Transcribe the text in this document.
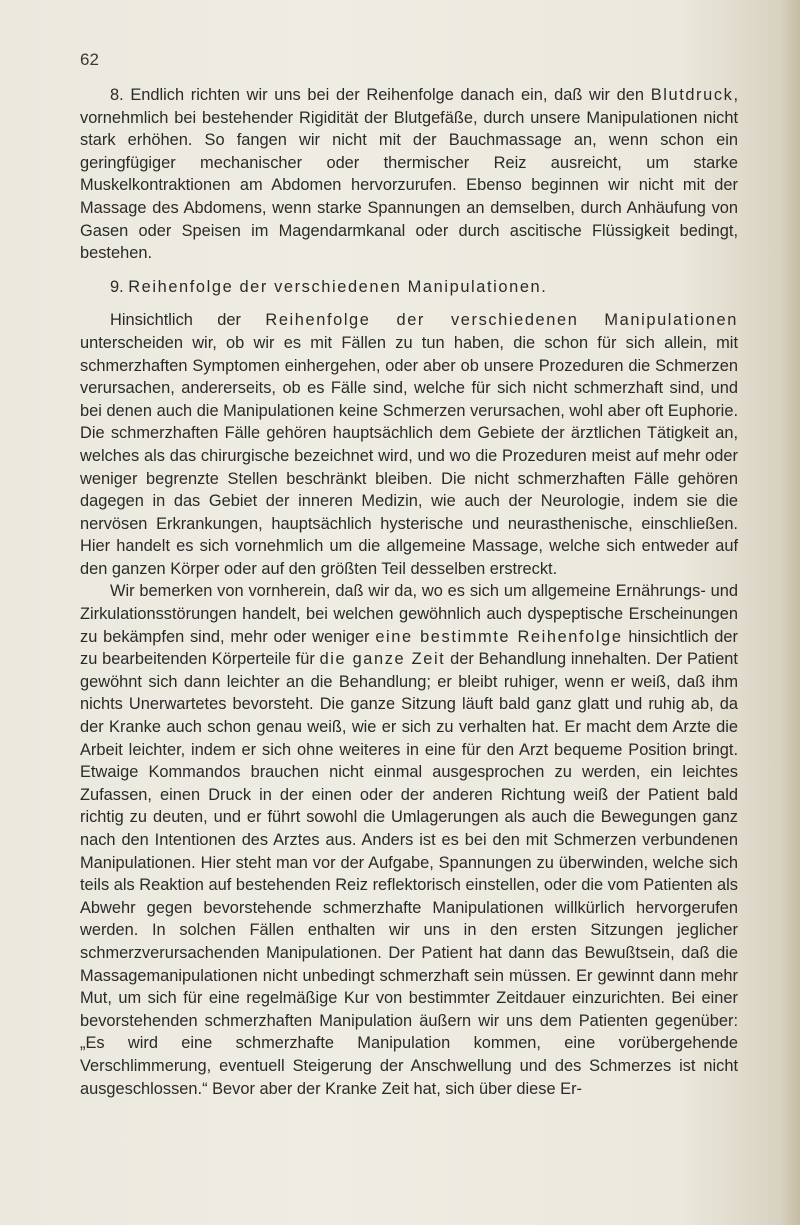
62

8. Endlich richten wir uns bei der Reihenfolge danach ein, daß wir den Blutdruck, vornehmlich bei bestehender Rigidität der Blutgefäße, durch unsere Manipulationen nicht stark erhöhen. So fangen wir nicht mit der Bauchmassage an, wenn schon ein geringfügiger mechanischer oder thermischer Reiz ausreicht, um starke Muskelkontraktionen am Abdomen hervorzurufen. Ebenso beginnen wir nicht mit der Massage des Abdomens, wenn starke Spannungen an demselben, durch Anhäufung von Gasen oder Speisen im Magendarmkanal oder durch ascitische Flüssigkeit bedingt, bestehen.

9. Reihenfolge der verschiedenen Manipulationen.

Hinsichtlich der Reihenfolge der verschiedenen Manipulationen unterscheiden wir, ob wir es mit Fällen zu tun haben, die schon für sich allein, mit schmerzhaften Symptomen einhergehen, oder aber ob unsere Prozeduren die Schmerzen verursachen, andererseits, ob es Fälle sind, welche für sich nicht schmerzhaft sind, und bei denen auch die Manipulationen keine Schmerzen verursachen, wohl aber oft Euphorie. Die schmerzhaften Fälle gehören hauptsächlich dem Gebiete der ärztlichen Tätigkeit an, welches als das chirurgische bezeichnet wird, und wo die Prozeduren meist auf mehr oder weniger begrenzte Stellen beschränkt bleiben. Die nicht schmerzhaften Fälle gehören dagegen in das Gebiet der inneren Medizin, wie auch der Neurologie, indem sie die nervösen Erkrankungen, hauptsächlich hysterische und neurasthenische, einschließen. Hier handelt es sich vornehmlich um die allgemeine Massage, welche sich entweder auf den ganzen Körper oder auf den größten Teil desselben erstreckt.

Wir bemerken von vornherein, daß wir da, wo es sich um allgemeine Ernährungs- und Zirkulationsstörungen handelt, bei welchen gewöhnlich auch dyspeptische Erscheinungen zu bekämpfen sind, mehr oder weniger eine bestimmte Reihenfolge hinsichtlich der zu bearbeitenden Körperteile für die ganze Zeit der Behandlung innehalten. Der Patient gewöhnt sich dann leichter an die Behandlung; er bleibt ruhiger, wenn er weiß, daß ihm nichts Unerwartetes bevorsteht. Die ganze Sitzung läuft bald ganz glatt und ruhig ab, da der Kranke auch schon genau weiß, wie er sich zu verhalten hat. Er macht dem Arzte die Arbeit leichter, indem er sich ohne weiteres in eine für den Arzt bequeme Position bringt. Etwaige Kommandos brauchen nicht einmal ausgesprochen zu werden, ein leichtes Zufassen, einen Druck in der einen oder der anderen Richtung weiß der Patient bald richtig zu deuten, und er führt sowohl die Umlagerungen als auch die Bewegungen ganz nach den Intentionen des Arztes aus. Anders ist es bei den mit Schmerzen verbundenen Manipulationen. Hier steht man vor der Aufgabe, Spannungen zu überwinden, welche sich teils als Reaktion auf bestehenden Reiz reflektorisch einstellen, oder die vom Patienten als Abwehr gegen bevorstehende schmerzhafte Manipulationen willkürlich hervorgerufen werden. In solchen Fällen enthalten wir uns in den ersten Sitzungen jeglicher schmerzverursachenden Manipulationen. Der Patient hat dann das Bewußtsein, daß die Massagemanipulationen nicht unbedingt schmerzhaft sein müssen. Er gewinnt dann mehr Mut, um sich für eine regelmäßige Kur von bestimmter Zeitdauer einzurichten. Bei einer bevorstehenden schmerzhaften Manipulation äußern wir uns dem Patienten gegenüber: „Es wird eine schmerzhafte Manipulation kommen, eine vorübergehende Verschlimmerung, eventuell Steigerung der Anschwellung und des Schmerzes ist nicht ausgeschlossen.“ Bevor aber der Kranke Zeit hat, sich über diese Er-
